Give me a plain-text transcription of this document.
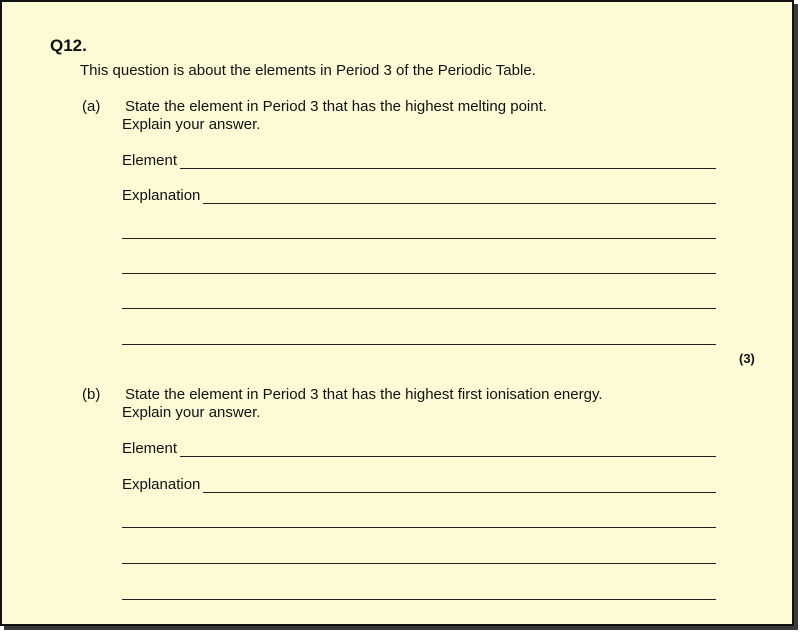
Q12.
This question is about the elements in Period 3 of the Periodic Table.
(a) State the element in Period 3 that has the highest melting point.
Explain your answer.
Element
Explanation
(3)
(b) State the element in Period 3 that has the highest first ionisation energy.
Explain your answer.
Element
Explanation
